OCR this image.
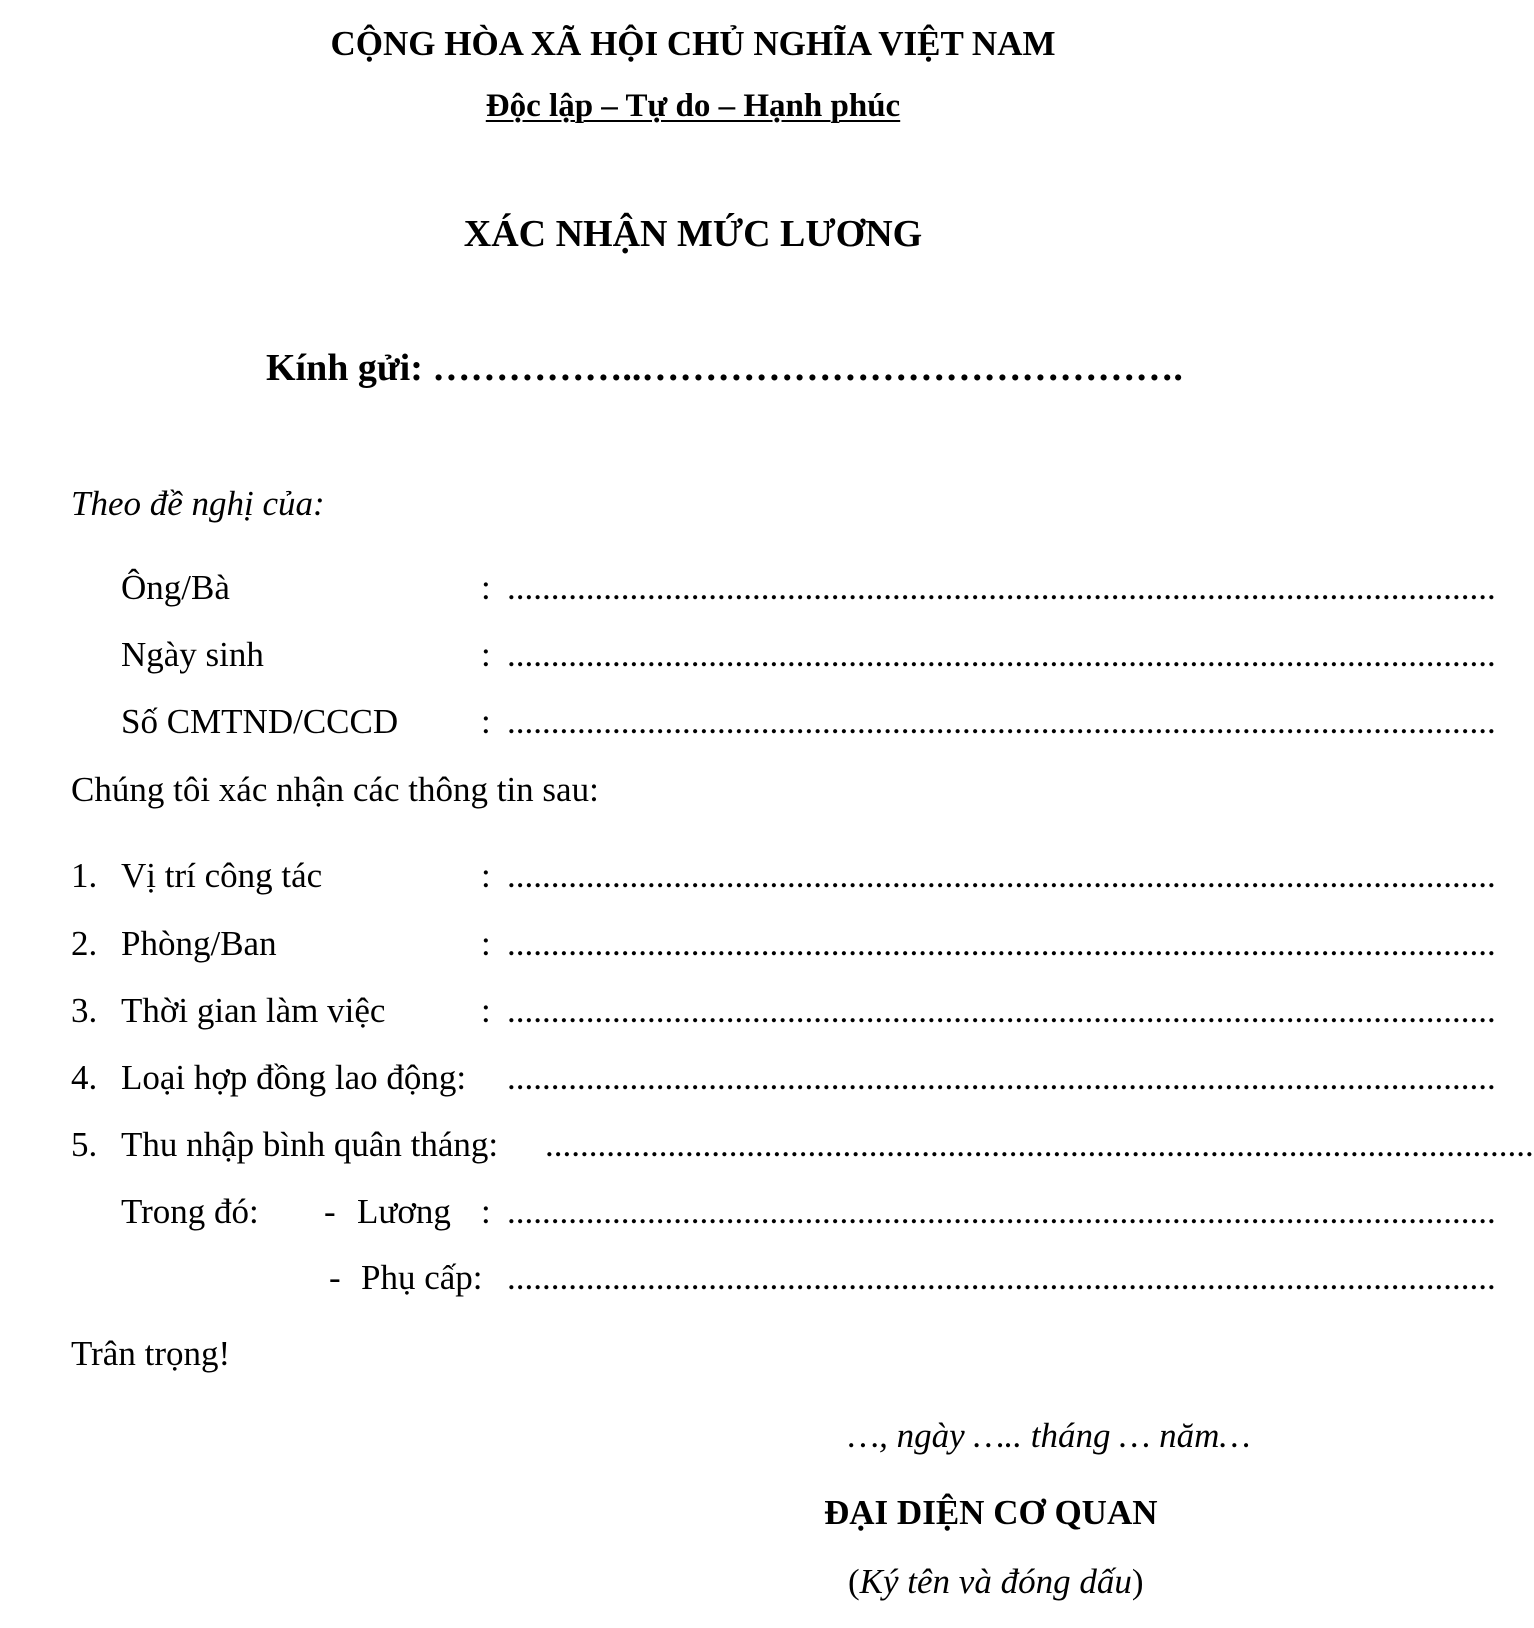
CỘNG HÒA XÃ HỘI CHỦ NGHĨA VIỆT NAM
Độc lập – Tự do – Hạnh phúc
XÁC NHẬN MỨC LƯƠNG
Kính gửi: ……………..…………………………………….
Theo đề nghị của:
Ông/Bà	: .................................................................................................................
Ngày sinh	: .................................................................................................................
Số CMTND/CCCD : .................................................................................................................
Chúng tôi xác nhận các thông tin sau:
1. Vị trí công tác	: .................................................................................................................
2. Phòng/Ban	: .................................................................................................................
3. Thời gian làm việc	: .................................................................................................................
4. Loại hợp đồng lao động: .................................................................................................................
5. Thu nhập bình quân tháng: .................................................................................................................
Trong đó: - Lương : .................................................................................................................
- Phụ cấp: .................................................................................................................
Trân trọng!
…, ngày ….. tháng … năm…
ĐẠI DIỆN CƠ QUAN
(Ký tên và đóng dấu)
